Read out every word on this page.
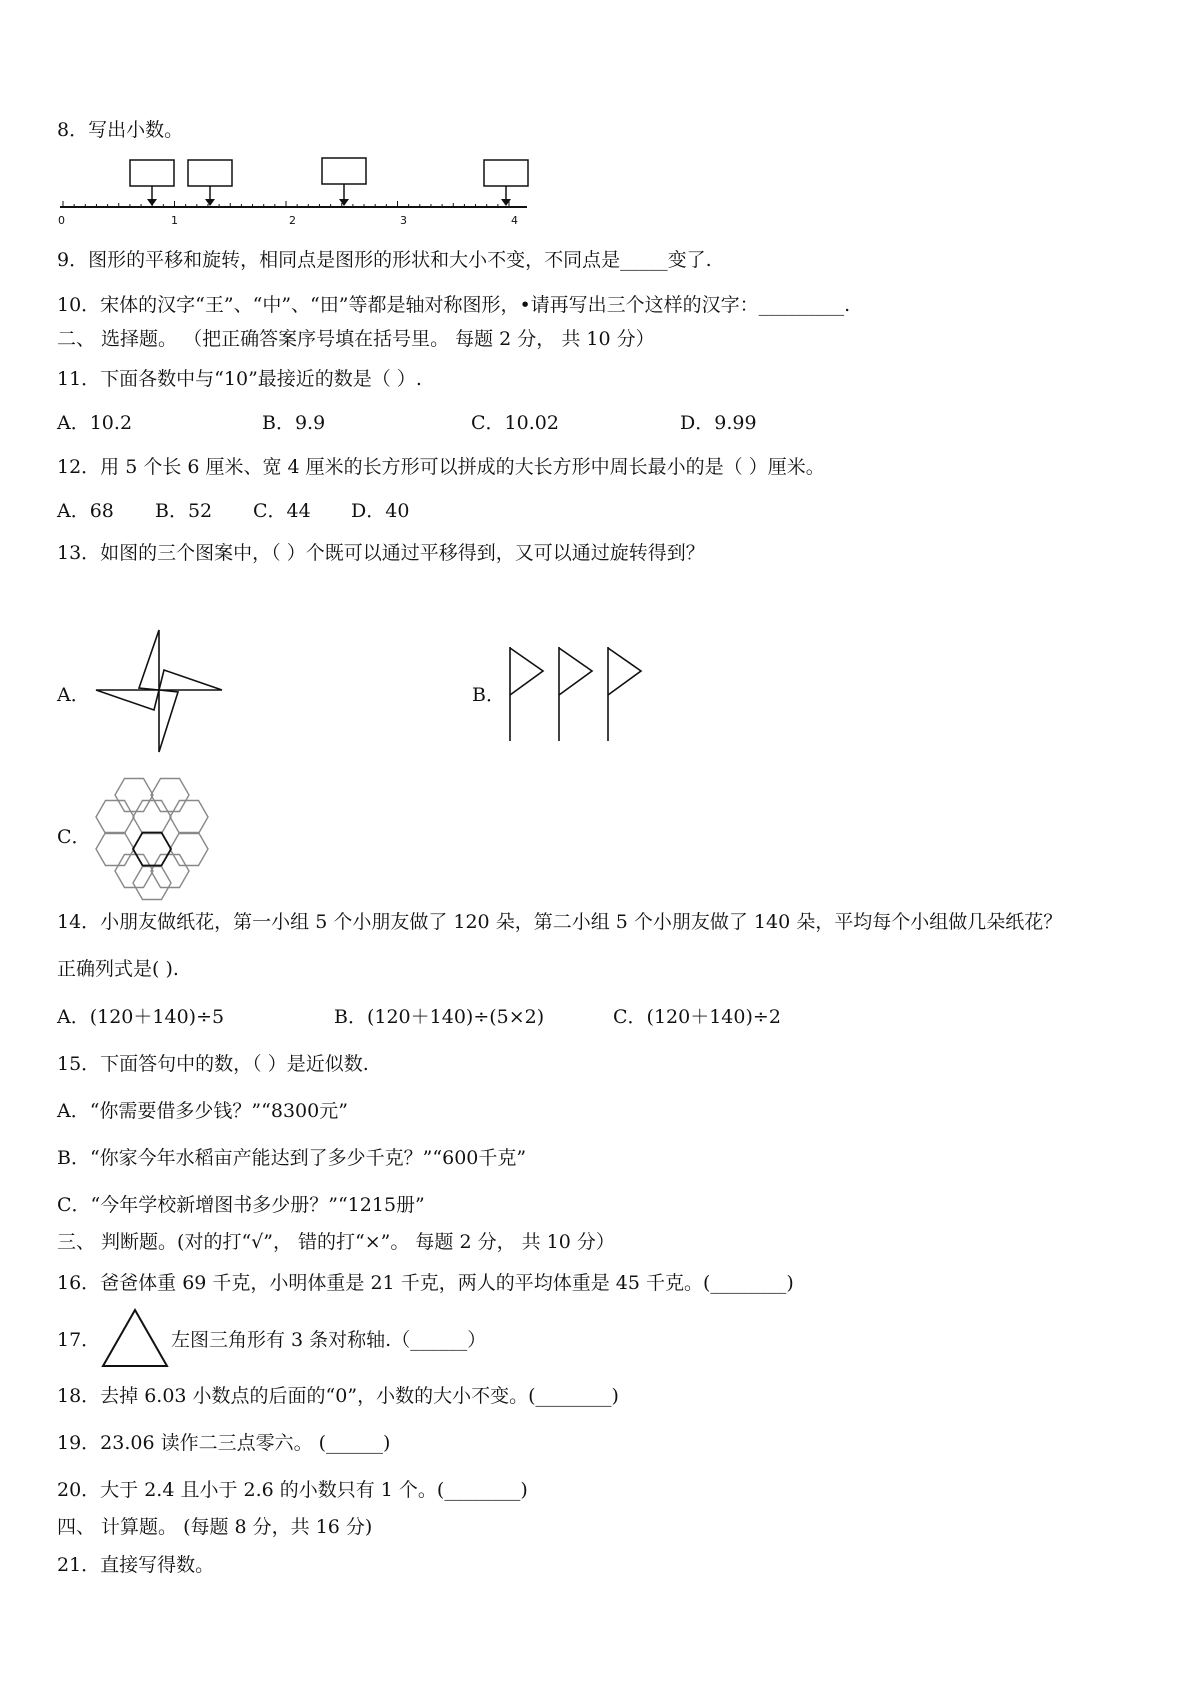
8．写出小数。
0	1	2	3	4
9．图形的平移和旋转，相同点是图形的形状和大小不变，不同点是_____变了.
10．宋体的汉字“王”、“中”、“田”等都是轴对称图形，•请再写出三个这样的汉字：_________.
二、 选择题。 （把正确答案序号填在括号里。 每题 2 分， 共 10 分）
11．下面各数中与“10”最接近的数是（ ）.
A．10.2	B．9.9	C．10.02	D．9.99
12．用 5 个长 6 厘米、宽 4 厘米的长方形可以拼成的大长方形中周长最小的是（ ）厘米。
A．68 B．52 C．44 D．40
13．如图的三个图案中，（ ）个既可以通过平移得到，又可以通过旋转得到？
A．	B．
C．
14．小朋友做纸花，第一小组 5 个小朋友做了 120 朵，第二小组 5 个小朋友做了 140 朵，平均每个小组做几朵纸花？
正确列式是( ).
A．(120＋140)÷5	B．(120＋140)÷(5×2)	C．(120＋140)÷2
15．下面答句中的数，（ ）是近似数.
A．“你需要借多少钱？”“8300元”
B．“你家今年水稻亩产能达到了多少千克？”“600千克”
C．“今年学校新增图书多少册？”“1215册”
三、 判断题。(对的打“√”， 错的打“×”。 每题 2 分， 共 10 分）
16．爸爸体重 69 千克，小明体重是 21 千克，两人的平均体重是 45 千克。(________)
17．	左图三角形有 3 条对称轴.（______）
18．去掉 6.03 小数点的后面的“0”，小数的大小不变。(________)
19．23.06 读作二三点零六。 (______)
20．大于 2.4 且小于 2.6 的小数只有 1 个。(________)
四、 计算题。 (每题 8 分，共 16 分)
21．直接写得数。
